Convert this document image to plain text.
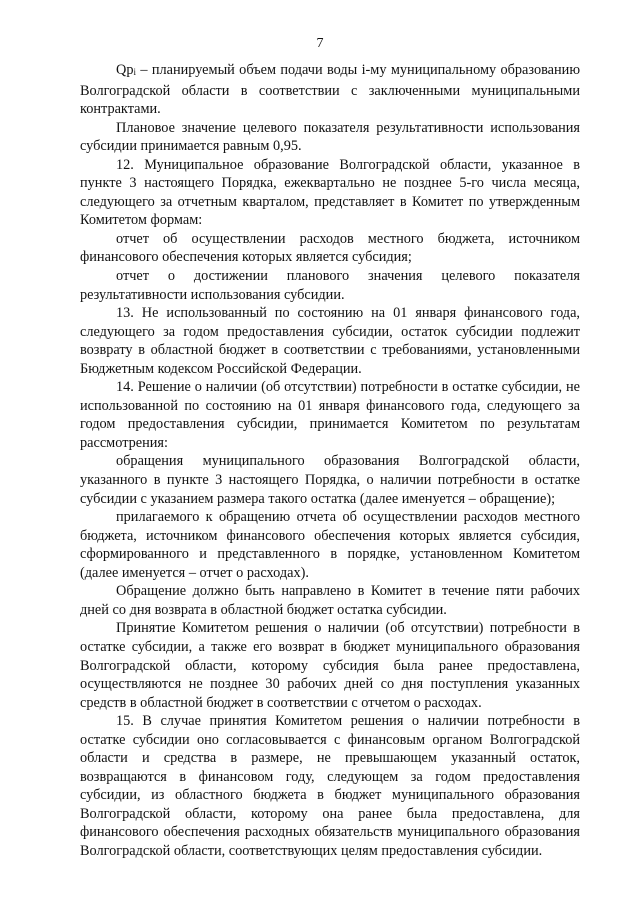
7

Qpi – планируемый объем подачи воды i-му муниципальному образованию Волгоградской области в соответствии с заключенными муниципальными контрактами.

Плановое значение целевого показателя результативности использования субсидии принимается равным 0,95.

12. Муниципальное образование Волгоградской области, указанное в пункте 3 настоящего Порядка, ежеквартально не позднее 5-го числа месяца, следующего за отчетным кварталом, представляет в Комитет по утвержденным Комитетом формам:

отчет об осуществлении расходов местного бюджета, источником финансового обеспечения которых является субсидия;

отчет о достижении планового значения целевого показателя результативности использования субсидии.

13. Не использованный по состоянию на 01 января финансового года, следующего за годом предоставления субсидии, остаток субсидии подлежит возврату в областной бюджет в соответствии с требованиями, установленными Бюджетным кодексом Российской Федерации.

14. Решение о наличии (об отсутствии) потребности в остатке субсидии, не использованной по состоянию на 01 января финансового года, следующего за годом предоставления субсидии, принимается Комитетом по результатам рассмотрения:

обращения муниципального образования Волгоградской области, указанного в пункте 3 настоящего Порядка, о наличии потребности в остатке субсидии с указанием размера такого остатка (далее именуется – обращение);

прилагаемого к обращению отчета об осуществлении расходов местного бюджета, источником финансового обеспечения которых является субсидия, сформированного и представленного в порядке, установленном Комитетом (далее именуется – отчет о расходах).

Обращение должно быть направлено в Комитет в течение пяти рабочих дней со дня возврата в областной бюджет остатка субсидии.

Принятие Комитетом решения о наличии (об отсутствии) потребности в остатке субсидии, а также его возврат в бюджет муниципального образования Волгоградской области, которому субсидия была ранее предоставлена, осуществляются не позднее 30 рабочих дней со дня поступления указанных средств в областной бюджет в соответствии с отчетом о расходах.

15. В случае принятия Комитетом решения о наличии потребности в остатке субсидии оно согласовывается с финансовым органом Волгоградской области и средства в размере, не превышающем указанный остаток, возвращаются в финансовом году, следующем за годом предоставления субсидии, из областного бюджета в бюджет муниципального образования Волгоградской области, которому она ранее была предоставлена, для финансового обеспечения расходных обязательств муниципального образования Волгоградской области, соответствующих целям предоставления субсидии.
